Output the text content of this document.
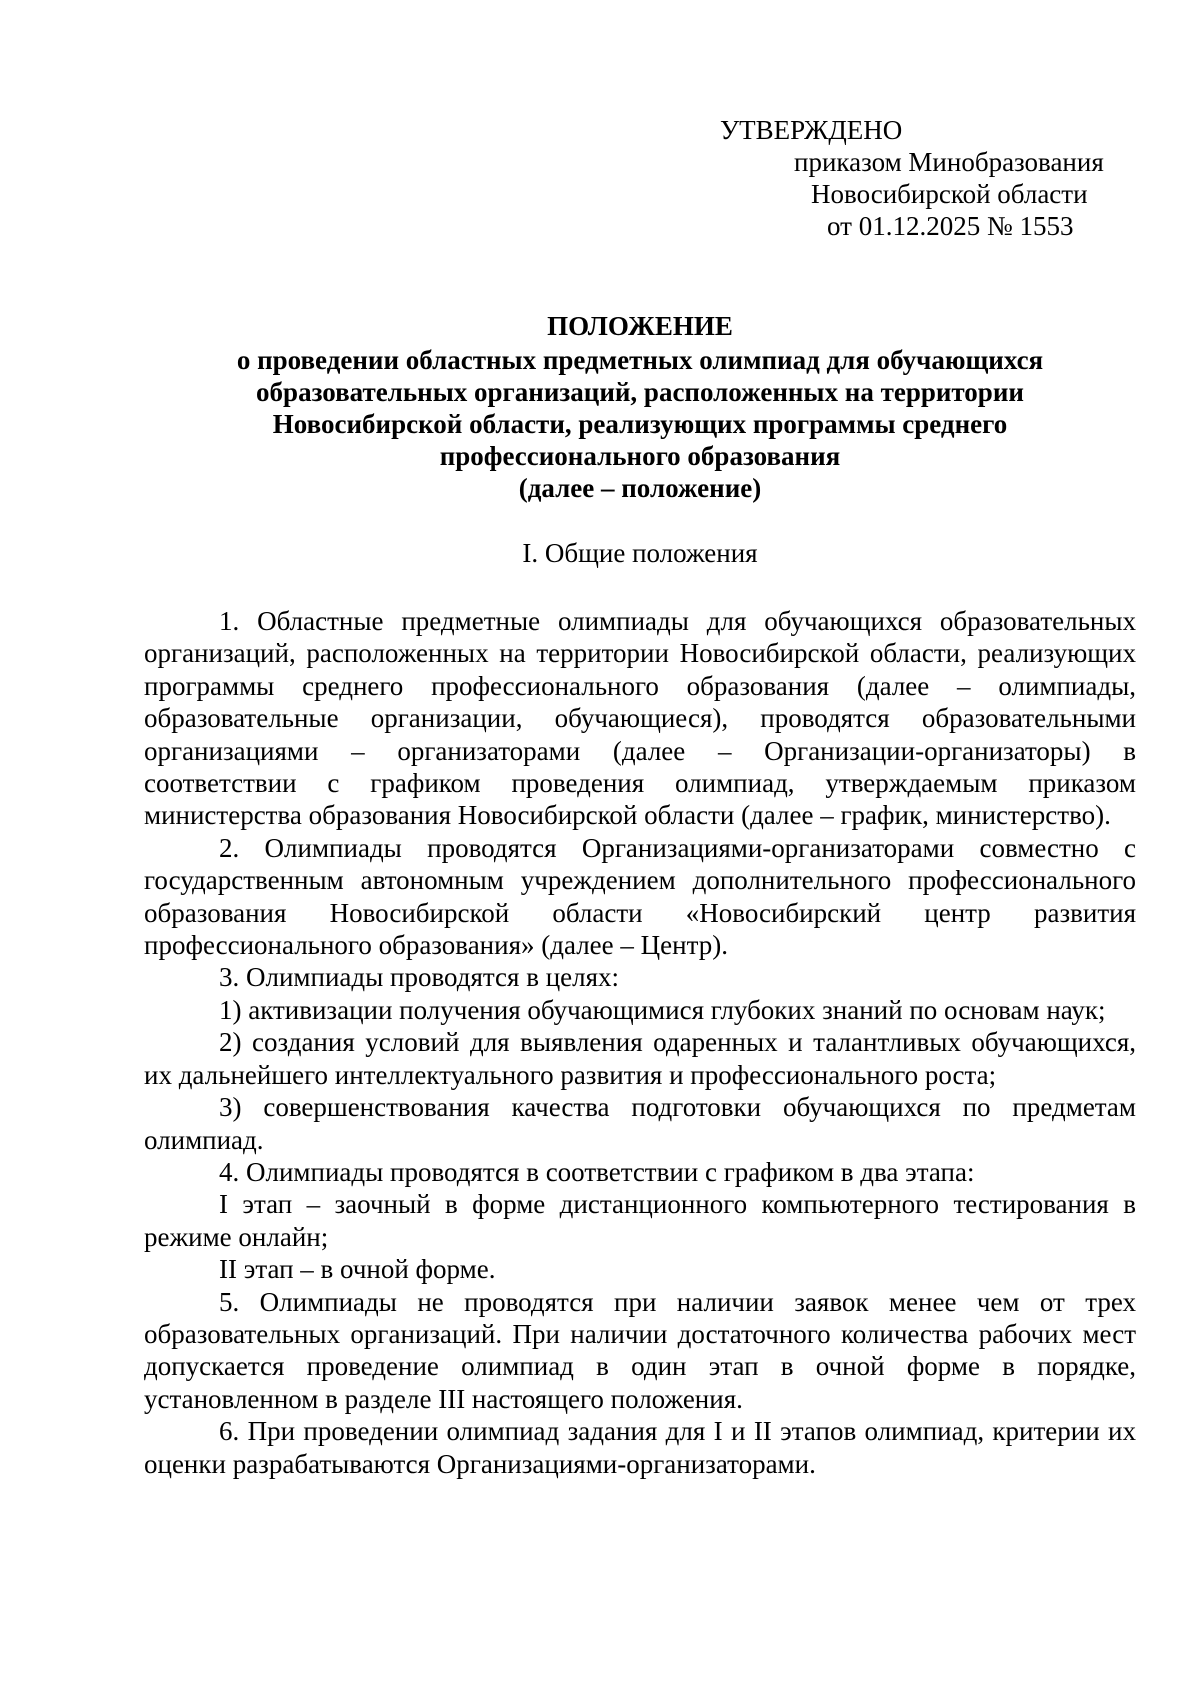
УТВЕРЖДЕНО
приказом Минобразования
Новосибирской области
от 01.12.2025 № 1553
ПОЛОЖЕНИЕ
о проведении областных предметных олимпиад для обучающихся
образовательных организаций, расположенных на территории
Новосибирской области, реализующих программы среднего
профессионального образования
(далее – положение)
I. Общие положения

1. Областные предметные олимпиады для обучающихся образовательных организаций, расположенных на территории Новосибирской области, реализующих программы среднего профессионального образования (далее – олимпиады, образовательные организации, обучающиеся), проводятся образовательными организациями – организаторами (далее – Организации-организаторы) в соответствии с графиком проведения олимпиад, утверждаемым приказом министерства образования Новосибирской области (далее – график, министерство).

2. Олимпиады проводятся Организациями-организаторами совместно с государственным автономным учреждением дополнительного профессионального образования Новосибирской области «Новосибирский центр развития профессионального образования» (далее – Центр).

3. Олимпиады проводятся в целях:

1) активизации получения обучающимися глубоких знаний по основам наук;

2) создания условий для выявления одаренных и талантливых обучающихся, их дальнейшего интеллектуального развития и профессионального роста;

3) совершенствования качества подготовки обучающихся по предметам олимпиад.

4. Олимпиады проводятся в соответствии с графиком в два этапа:

I этап – заочный в форме дистанционного компьютерного тестирования в режиме онлайн;

II этап – в очной форме.

5. Олимпиады не проводятся при наличии заявок менее чем от трех образовательных организаций. При наличии достаточного количества рабочих мест допускается проведение олимпиад в один этап в очной форме в порядке, установленном в разделе III настоящего положения.

6. При проведении олимпиад задания для I и II этапов олимпиад, критерии их оценки разрабатываются Организациями-организаторами.
